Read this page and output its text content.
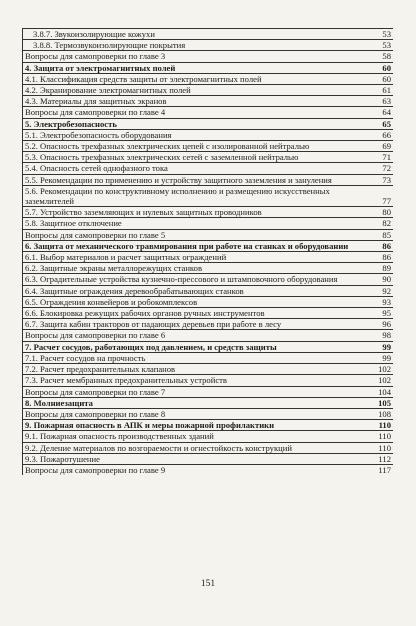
3.8.7. Звукоизолирующие кожухи	53
3.8.8. Термозвукоизолирующие покрытия	53
Вопросы для самопроверки по главе 3	58
4. Защита от электромагнитных полей	60
4.1. Классификация средств защиты от электромагнитных полей	60
4.2. Экранирование электромагнитных полей	61
4.3. Материалы для защитных экранов	63
Вопросы для самопроверки по главе 4	64
5. Электробезопасность	65
5.1. Электробезопасность оборудования	66
5.2. Опасность трехфазных электрических цепей с изолированной нейтралью	69
5.3. Опасность трехфазных электрических сетей с заземленной нейтралью	71
5.4. Опасность сетей однофазного тока	72
5.5. Рекомендации по применению и устройству защитного заземления и зануления	73
5.6. Рекомендации по конструктивному исполнению и размещению искусственных заземлителей	77
5.7. Устройство заземляющих и нулевых защитных проводников	80
5.8. Защитное отключение	82
Вопросы для самопроверки по главе 5	85
6. Защита от механического травмирования при работе на станках и оборудовании	86
6.1. Выбор материалов и расчет защитных ограждений	86
6.2. Защитные экраны металлорежущих станков	89
6.3. Оградительные устройства кузнечно-прессового и штамповочного оборудования	90
6.4. Защитные ограждения деревообрабатывающих станков	92
6.5. Ограждения конвейеров и робокомплексов	93
6.6. Блокировка режущих рабочих органов ручных инструментов	95
6.7. Защита кабин тракторов от падающих деревьев при работе в лесу	96
Вопросы для самопроверки по главе 6	98
7. Расчет сосудов, работающих под давлением, и средств защиты	99
7.1. Расчет сосудов на прочность	99
7.2. Расчет предохранительных клапанов	102
7.3. Расчет мембранных предохранительных устройств	102
Вопросы для самопроверки по главе 7	104
8. Молниезащита	105
Вопросы для самопроверки по главе 8	108
9. Пожарная опасность в АПК и меры пожарной профилактики	110
9.1. Пожарная опасность производственных зданий	110
9.2. Деление материалов по возгораемости и огнестойкость конструкций	110
9.3. Пожаротушение	112
Вопросы для самопроверки по главе 9	117
151
